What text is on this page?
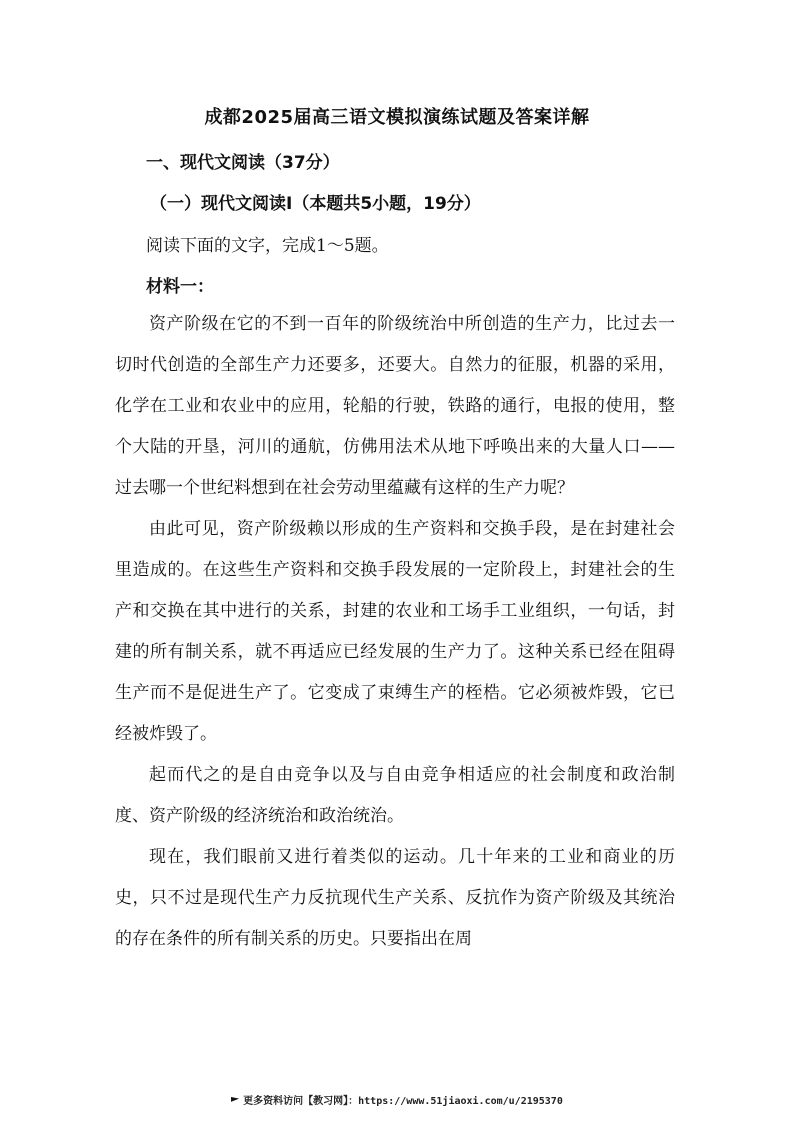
成都2025届高三语文模拟演练试题及答案详解
一、现代文阅读（37分）
（一）现代文阅读Ⅰ（本题共5小题，19分）
阅读下面的文字，完成1～5题。
材料一：

资产阶级在它的不到一百年的阶级统治中所创造的生产力，比过去一切时代创造的全部生产力还要多，还要大。自然力的征服，机器的采用，化学在工业和农业中的应用，轮船的行驶，铁路的通行，电报的使用，整个大陆的开垦，河川的通航，仿佛用法术从地下呼唤出来的大量人口——过去哪一个世纪料想到在社会劳动里蕴藏有这样的生产力呢？

由此可见，资产阶级赖以形成的生产资料和交换手段，是在封建社会里造成的。在这些生产资料和交换手段发展的一定阶段上，封建社会的生产和交换在其中进行的关系，封建的农业和工场手工业组织，一句话，封建的所有制关系，就不再适应已经发展的生产力了。这种关系已经在阻碍生产而不是促进生产了。它变成了束缚生产的桎梏。它必须被炸毁，它已经被炸毁了。

起而代之的是自由竞争以及与自由竞争相适应的社会制度和政治制度、资产阶级的经济统治和政治统治。

现在，我们眼前又进行着类似的运动。几十年来的工业和商业的历史，只不过是现代生产力反抗现代生产关系、反抗作为资产阶级及其统治的存在条件的所有制关系的历史。只要指出在周

更多资料访问【教习网】：https://www.51jiaoxi.com/u/2195370
